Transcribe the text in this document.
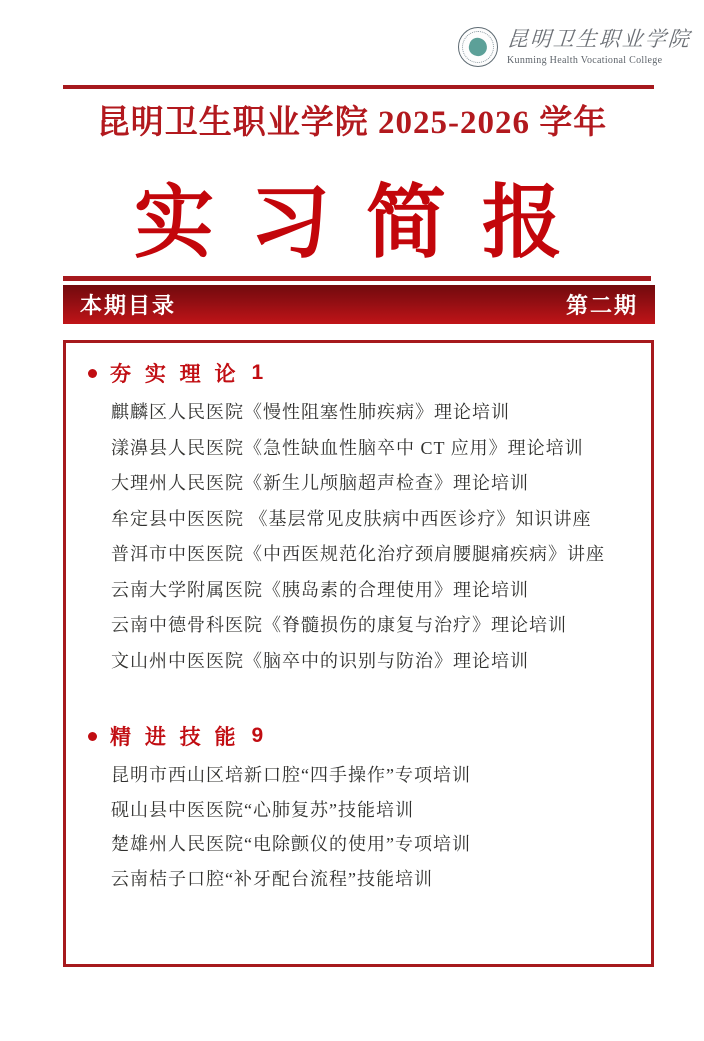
昆明卫生职业学院
Kunming Health Vocational College
昆明卫生职业学院 2025-2026 学年
实 习 简 报
本期目录	第二期
夯 实 理 论 1
麒麟区人民医院《慢性阻塞性肺疾病》理论培训
漾濞县人民医院《急性缺血性脑卒中 CT 应用》理论培训
大理州人民医院《新生儿颅脑超声检查》理论培训
牟定县中医医院 《基层常见皮肤病中西医诊疗》知识讲座
普洱市中医医院《中西医规范化治疗颈肩腰腿痛疾病》讲座
云南大学附属医院《胰岛素的合理使用》理论培训
云南中德骨科医院《脊髓损伤的康复与治疗》理论培训
文山州中医医院《脑卒中的识别与防治》理论培训
精 进 技 能 9
昆明市西山区培新口腔“四手操作”专项培训
砚山县中医医院“心肺复苏”技能培训
楚雄州人民医院“电除颤仪的使用”专项培训
云南桔子口腔“补牙配台流程”技能培训
